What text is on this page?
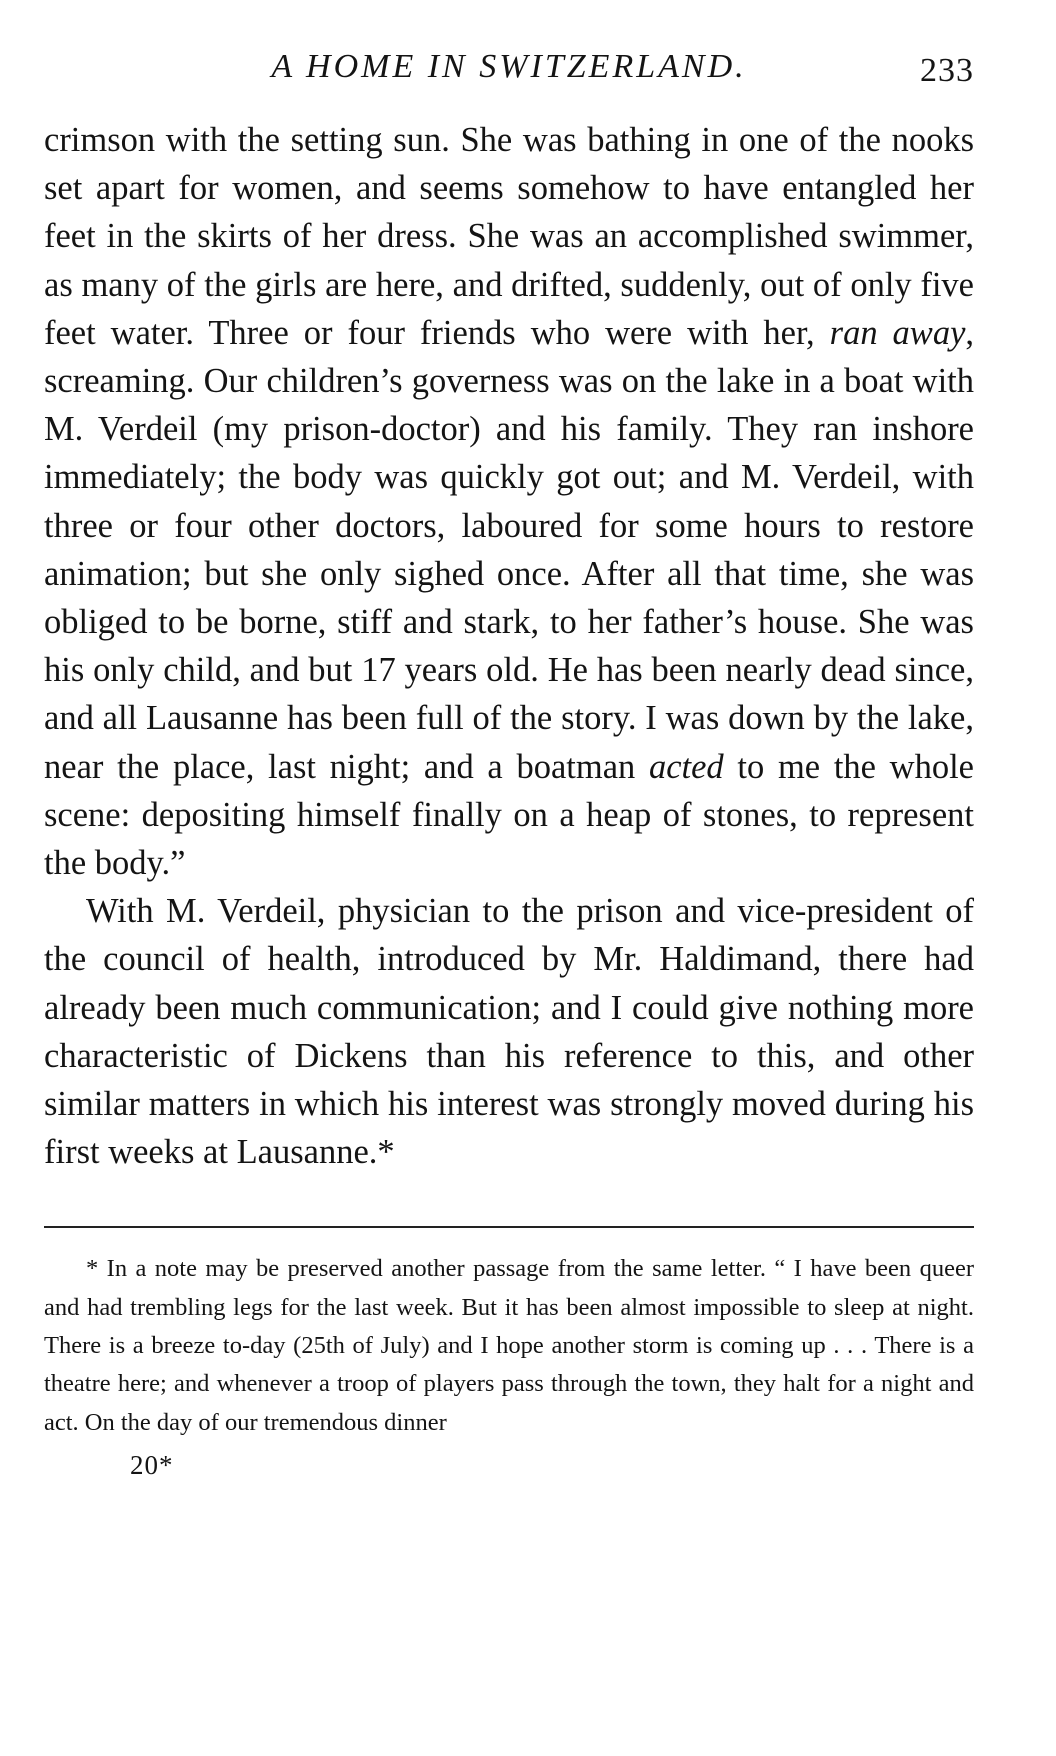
A HOME IN SWITZERLAND.	233

crimson with the setting sun. She was bathing in one of the nooks set apart for women, and seems somehow to have entangled her feet in the skirts of her dress. She was an accomplished swimmer, as many of the girls are here, and drifted, suddenly, out of only five feet water. Three or four friends who were with her, ran away, screaming. Our children’s governess was on the lake in a boat with M. Verdeil (my prison-doctor) and his family. They ran inshore immediately; the body was quickly got out; and M. Verdeil, with three or four other doctors, laboured for some hours to restore animation; but she only sighed once. After all that time, she was obliged to be borne, stiff and stark, to her father’s house. She was his only child, and but 17 years old. He has been nearly dead since, and all Lausanne has been full of the story. I was down by the lake, near the place, last night; and a boatman acted to me the whole scene: depositing himself finally on a heap of stones, to represent the body.”

With M. Verdeil, physician to the prison and vice-president of the council of health, introduced by Mr. Haldimand, there had already been much communication; and I could give nothing more characteristic of Dickens than his reference to this, and other similar matters in which his interest was strongly moved during his first weeks at Lausanne.*

* In a note may be preserved another passage from the same letter. “ I have been queer and had trembling legs for the last week. But it has been almost impossible to sleep at night. There is a breeze to-day (25th of July) and I hope another storm is coming up . . . There is a theatre here; and whenever a troop of players pass through the town, they halt for a night and act. On the day of our tremendous dinner

20*
